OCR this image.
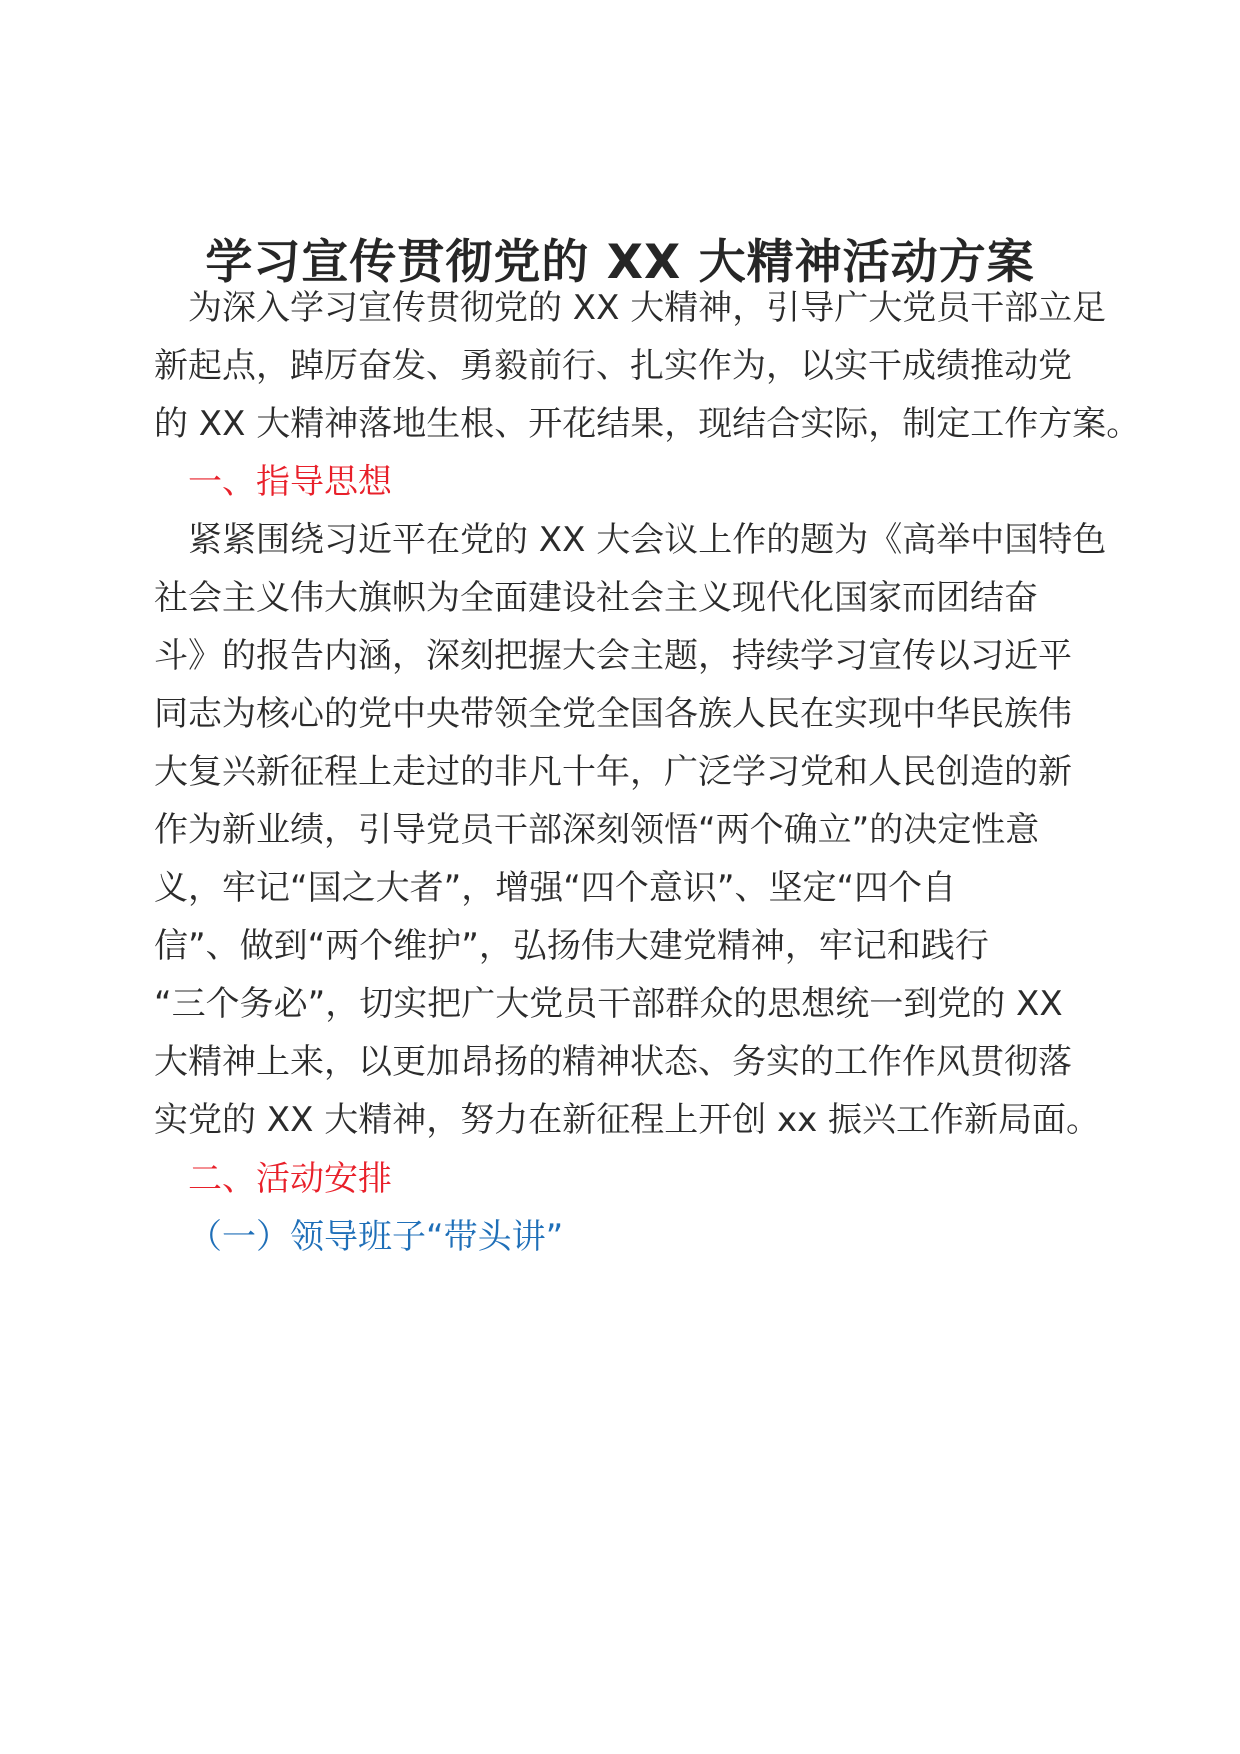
学习宣传贯彻党的 XX 大精神活动方案

为深入学习宣传贯彻党的 XX 大精神，引导广大党员干部立足

新起点，踔厉奋发、勇毅前行、扎实作为，以实干成绩推动党

的 XX 大精神落地生根、开花结果，现结合实际，制定工作方案。

一、指导思想

紧紧围绕习近平在党的 XX 大会议上作的题为《高举中国特色

社会主义伟大旗帜为全面建设社会主义现代化国家而团结奋

斗》的报告内涵，深刻把握大会主题，持续学习宣传以习近平

同志为核心的党中央带领全党全国各族人民在实现中华民族伟

大复兴新征程上走过的非凡十年，广泛学习党和人民创造的新

作为新业绩，引导党员干部深刻领悟“两个确立”的决定性意

义，牢记“国之大者”，增强“四个意识”、坚定“四个自

信”、做到“两个维护”，弘扬伟大建党精神，牢记和践行

“三个务必”，切实把广大党员干部群众的思想统一到党的 XX

大精神上来，以更加昂扬的精神状态、务实的工作作风贯彻落

实党的 XX 大精神，努力在新征程上开创 xx 振兴工作新局面。

二、活动安排

（一）领导班子“带头讲”
